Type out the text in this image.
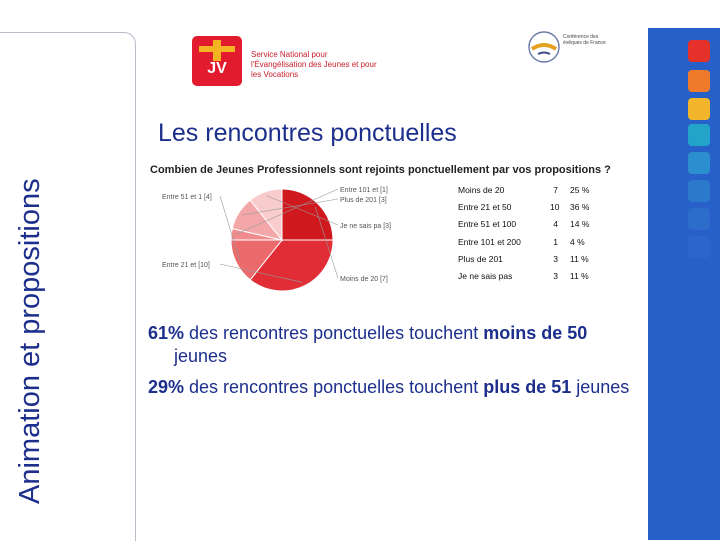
Animation et propositions
JV
Service National pour l'Évangélisation des Jeunes et pour les Vocations
Conférence des évêques de France
Les rencontres ponctuelles
Combien de Jeunes Professionnels sont rejoints ponctuellement par vos propositions ?
Moins de 20 [7]
Entre 21 et [10]
Entre 51 et 1 [4]
Entre 101 et [1]
Plus de 201 [3]
Je ne sais pa [3]
Moins de 20	7 25 %
Entre 21 et 50	10 36 %
Entre 51 et 100	4 14 %
Entre 101 et 200	1 4 %
Plus de 201	3 11 %
Je ne sais pas	3 11 %
61% des rencontres ponctuelles touchent moins de 50 jeunes
29% des rencontres ponctuelles touchent plus de 51 jeunes
